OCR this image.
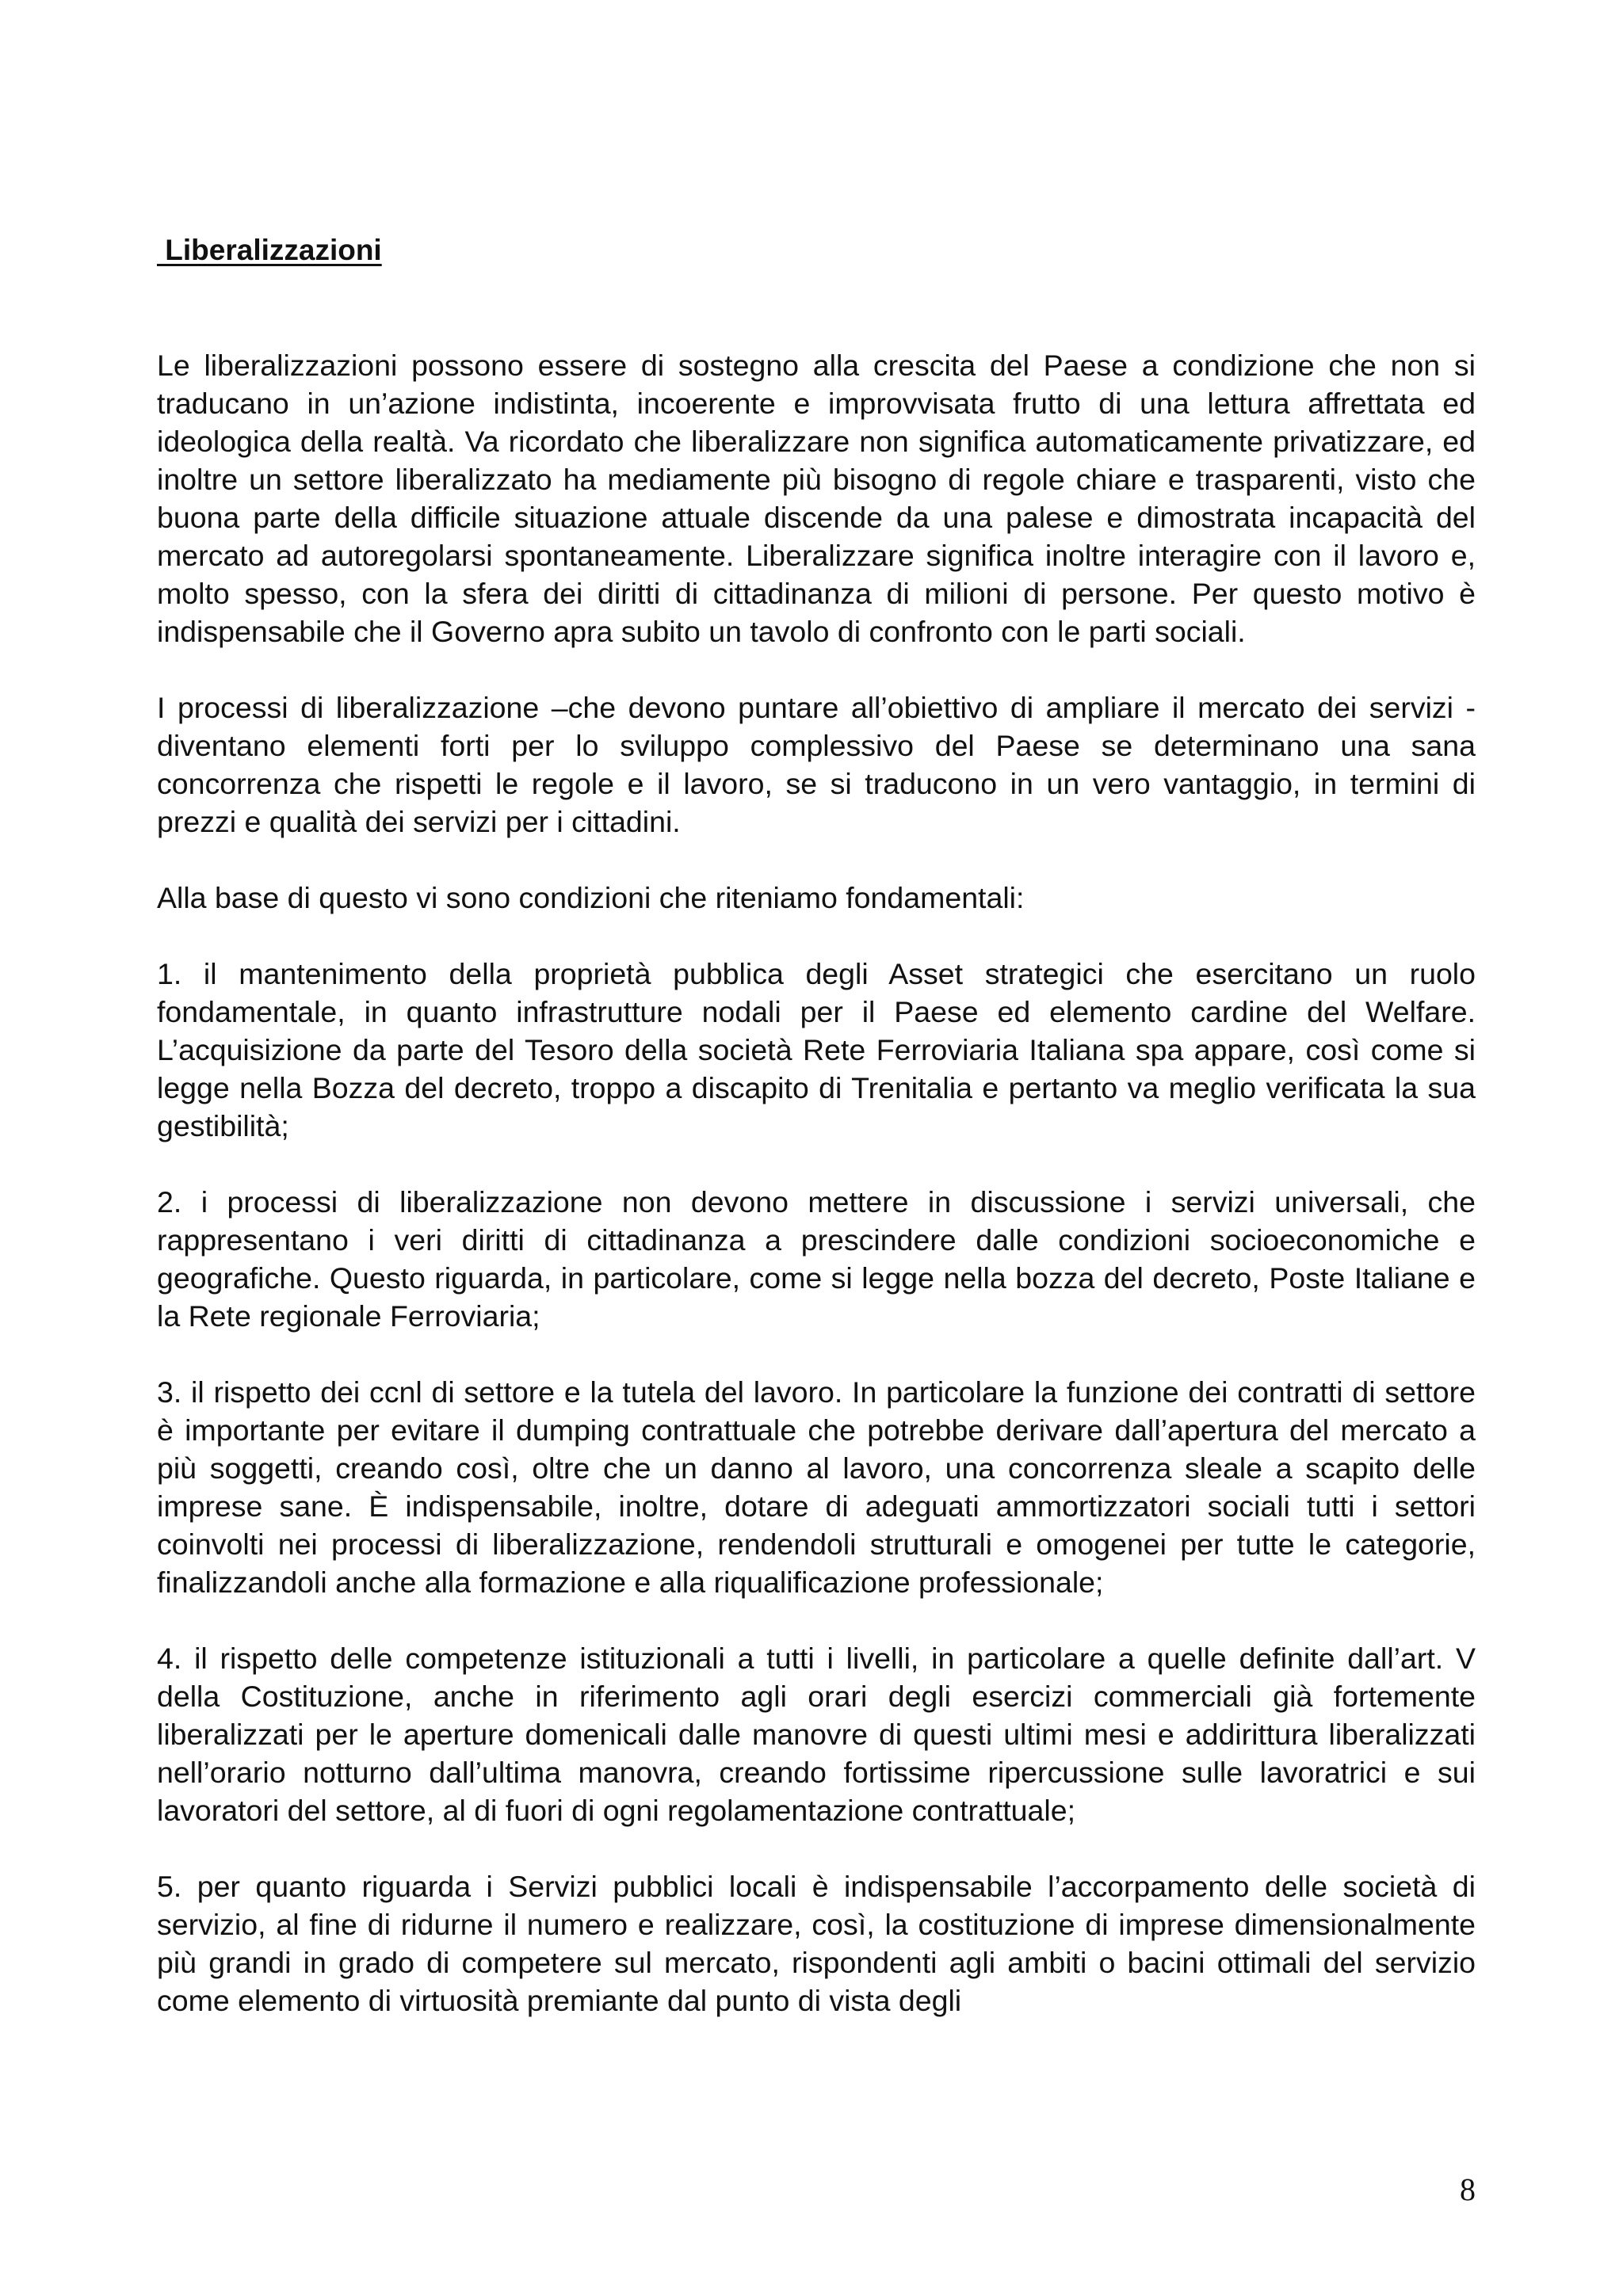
Liberalizzazioni

Le liberalizzazioni possono essere di sostegno alla crescita del Paese a condizione che non si traducano in un’azione indistinta, incoerente e improvvisata frutto di una lettura affrettata ed ideologica della realtà. Va ricordato che liberalizzare non significa automaticamente privatizzare, ed inoltre un settore liberalizzato ha mediamente più bisogno di regole chiare e trasparenti, visto che buona parte della difficile situazione attuale discende da una palese e dimostrata incapacità del mercato ad autoregolarsi spontaneamente. Liberalizzare significa inoltre interagire con il lavoro e, molto spesso, con la sfera dei diritti di cittadinanza di milioni di persone. Per questo motivo è indispensabile che il Governo apra subito un tavolo di confronto con le parti sociali.

I processi di liberalizzazione –che devono puntare all’obiettivo di ampliare il mercato dei servizi - diventano elementi forti per lo sviluppo complessivo del Paese se determinano una sana concorrenza che rispetti le regole e il lavoro, se si traducono in un vero vantaggio, in termini di prezzi e qualità dei servizi per i cittadini.

Alla base di questo vi sono condizioni che riteniamo fondamentali:

1. il mantenimento della proprietà pubblica degli Asset strategici che esercitano un ruolo fondamentale, in quanto infrastrutture nodali per il Paese ed elemento cardine del Welfare. L’acquisizione da parte del Tesoro della società Rete Ferroviaria Italiana spa appare, così come si legge nella Bozza del decreto, troppo a discapito di Trenitalia e pertanto va meglio verificata la sua gestibilità;

2. i processi di liberalizzazione non devono mettere in discussione i servizi universali, che rappresentano i veri diritti di cittadinanza a prescindere dalle condizioni socioeconomiche e geografiche. Questo riguarda, in particolare, come si legge nella bozza del decreto, Poste Italiane e la Rete regionale Ferroviaria;

3. il rispetto dei ccnl di settore e la tutela del lavoro. In particolare la funzione dei contratti di settore è importante per evitare il dumping contrattuale che potrebbe derivare dall’apertura del mercato a più soggetti, creando così, oltre che un danno al lavoro, una concorrenza sleale a scapito delle imprese sane. È indispensabile, inoltre, dotare di adeguati ammortizzatori sociali tutti i settori coinvolti nei processi di liberalizzazione, rendendoli strutturali e omogenei per tutte le categorie, finalizzandoli anche alla formazione e alla riqualificazione professionale;

4. il rispetto delle competenze istituzionali a tutti i livelli, in particolare a quelle definite dall’art. V della Costituzione, anche in riferimento agli orari degli esercizi commerciali già fortemente liberalizzati per le aperture domenicali dalle manovre di questi ultimi mesi e addirittura liberalizzati nell’orario notturno dall’ultima manovra, creando fortissime ripercussione sulle lavoratrici e sui lavoratori del settore, al di fuori di ogni regolamentazione contrattuale;

5. per quanto riguarda i Servizi pubblici locali è indispensabile l’accorpamento delle società di servizio, al fine di ridurne il numero e realizzare, così, la costituzione di imprese dimensionalmente più grandi in grado di competere sul mercato, rispondenti agli ambiti o bacini ottimali del servizio come elemento di virtuosità premiante dal punto di vista degli

8
